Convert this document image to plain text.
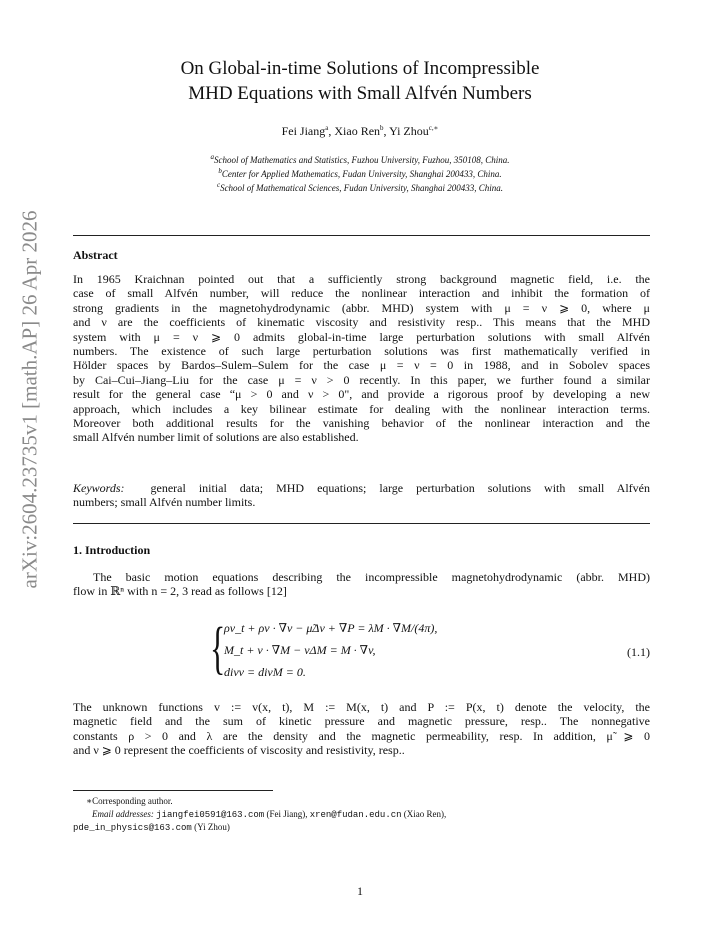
arXiv:2604.23735v1 [math.AP] 26 Apr 2026
On Global-in-time Solutions of Incompressible
MHD Equations with Small Alfvén Numbers
Fei Jiang$^a$, Xiao Ren$^b$, Yi Zhou$^{c,∗}$
$^a$School of Mathematics and Statistics, Fuzhou University, Fuzhou, 350108, China.
$^b$Center for Applied Mathematics, Fudan University, Shanghai 200433, China.
$^c$School of Mathematical Sciences, Fudan University, Shanghai 200433, China.
Abstract
In 1965 Kraichnan pointed out that a sufficiently strong background magnetic field, i.e. the
case of small Alfvén number, will reduce the nonlinear interaction and inhibit the formation of
strong gradients in the magnetohydrodynamic (abbr. MHD) system with μ = ν ⩾ 0, where μ
and ν are the coefficients of kinematic viscosity and resistivity resp.. This means that the MHD
system with μ = ν ⩾ 0 admits global-in-time large perturbation solutions with small Alfvén
numbers. The existence of such large perturbation solutions was first mathematically verified in
Hölder spaces by Bardos–Sulem–Sulem for the case μ = ν = 0 in 1988, and in Sobolev spaces
by Cai–Cui–Jiang–Liu for the case μ = ν > 0 recently. In this paper, we further found a similar
result for the general case “μ > 0 and ν > 0", and provide a rigorous proof by developing a new
approach, which includes a key bilinear estimate for dealing with the nonlinear interaction terms.
Moreover both additional results for the vanishing behavior of the nonlinear interaction and the
small Alfvén number limit of solutions are also established.
Keywords: general initial data; MHD equations; large perturbation solutions with small Alfvén
numbers; small Alfvén number limits.
1. Introduction
The basic motion equations describing the incompressible magnetohydrodynamic (abbr. MHD)
flow in ℝⁿ with n = 2, 3 read as follows [12]
{
ρv_t + ρv · ∇v − μ̃Δv + ∇P = λM · ∇M/(4π),
M_t + v · ∇M − νΔM = M · ∇v,
divv = divM = 0.
(1.1)
The unknown functions v := v(x, t), M := M(x, t) and P := P(x, t) denote the velocity, the
magnetic field and the sum of kinetic pressure and magnetic pressure, resp.. The nonnegative
constants ρ > 0 and λ are the density and the magnetic permeability, resp. In addition, μ̃ ⩾ 0
and ν ⩾ 0 represent the coefficients of viscosity and resistivity, resp..
∗Corresponding author.
Email addresses: jiangfei0591@163.com (Fei Jiang), xren@fudan.edu.cn (Xiao Ren),
pde_in_physics@163.com (Yi Zhou)
1
